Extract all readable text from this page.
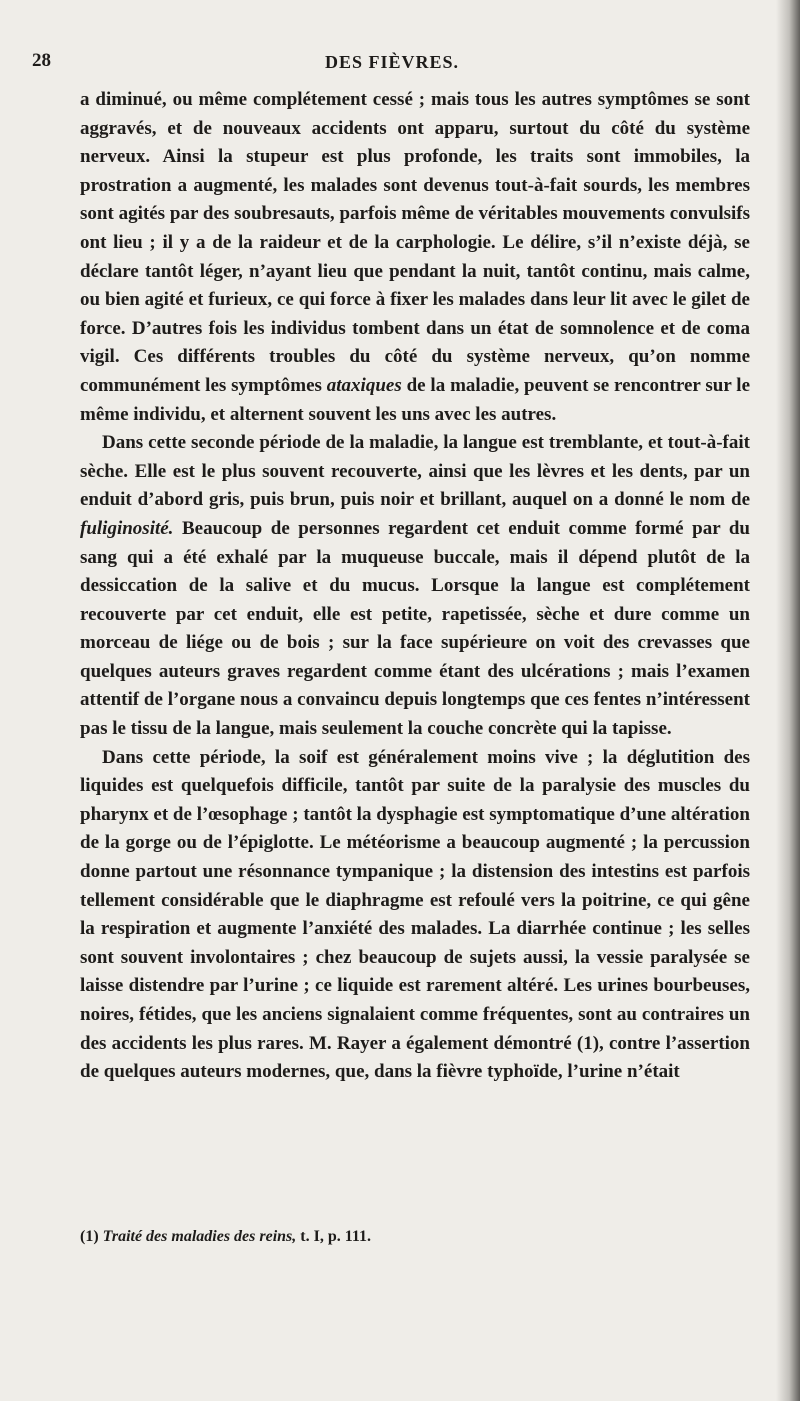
28	DES FIÈVRES.

a diminué, ou même complétement cessé ; mais tous les autres symptômes se sont aggravés, et de nouveaux accidents ont apparu, surtout du côté du système nerveux. Ainsi la stupeur est plus profonde, les traits sont immobiles, la prostration a augmenté, les malades sont devenus tout-à-fait sourds, les membres sont agités par des soubresauts, parfois même de véritables mouvements convulsifs ont lieu ; il y a de la raideur et de la carphologie. Le délire, s’il n’existe déjà, se déclare tantôt léger, n’ayant lieu que pendant la nuit, tantôt continu, mais calme, ou bien agité et furieux, ce qui force à fixer les malades dans leur lit avec le gilet de force. D’autres fois les individus tombent dans un état de somnolence et de coma vigil. Ces différents troubles du côté du système nerveux, qu’on nomme communément les symptômes ataxiques de la maladie, peuvent se rencontrer sur le même individu, et alternent souvent les uns avec les autres.

Dans cette seconde période de la maladie, la langue est tremblante, et tout-à-fait sèche. Elle est le plus souvent recouverte, ainsi que les lèvres et les dents, par un enduit d’abord gris, puis brun, puis noir et brillant, auquel on a donné le nom de fuliginosité. Beaucoup de personnes regardent cet enduit comme formé par du sang qui a été exhalé par la muqueuse buccale, mais il dépend plutôt de la dessiccation de la salive et du mucus. Lorsque la langue est complétement recouverte par cet enduit, elle est petite, rapetissée, sèche et dure comme un morceau de liége ou de bois ; sur la face supérieure on voit des crevasses que quelques auteurs graves regardent comme étant des ulcérations ; mais l’examen attentif de l’organe nous a convaincu depuis longtemps que ces fentes n’intéressent pas le tissu de la langue, mais seulement la couche concrète qui la tapisse.

Dans cette période, la soif est généralement moins vive ; la déglutition des liquides est quelquefois difficile, tantôt par suite de la paralysie des muscles du pharynx et de l’œsophage ; tantôt la dysphagie est symptomatique d’une altération de la gorge ou de l’épiglotte. Le météorisme a beaucoup augmenté ; la percussion donne partout une résonnance tympanique ; la distension des intestins est parfois tellement considérable que le diaphragme est refoulé vers la poitrine, ce qui gêne la respiration et augmente l’anxiété des malades. La diarrhée continue ; les selles sont souvent involontaires ; chez beaucoup de sujets aussi, la vessie paralysée se laisse distendre par l’urine ; ce liquide est rarement altéré. Les urines bourbeuses, noires, fétides, que les anciens signalaient comme fréquentes, sont au contraires un des accidents les plus rares. M. Rayer a également démontré (1), contre l’assertion de quelques auteurs modernes, que, dans la fièvre typhoïde, l’urine n’était

(1) Traité des maladies des reins, t. I, p. 111.
